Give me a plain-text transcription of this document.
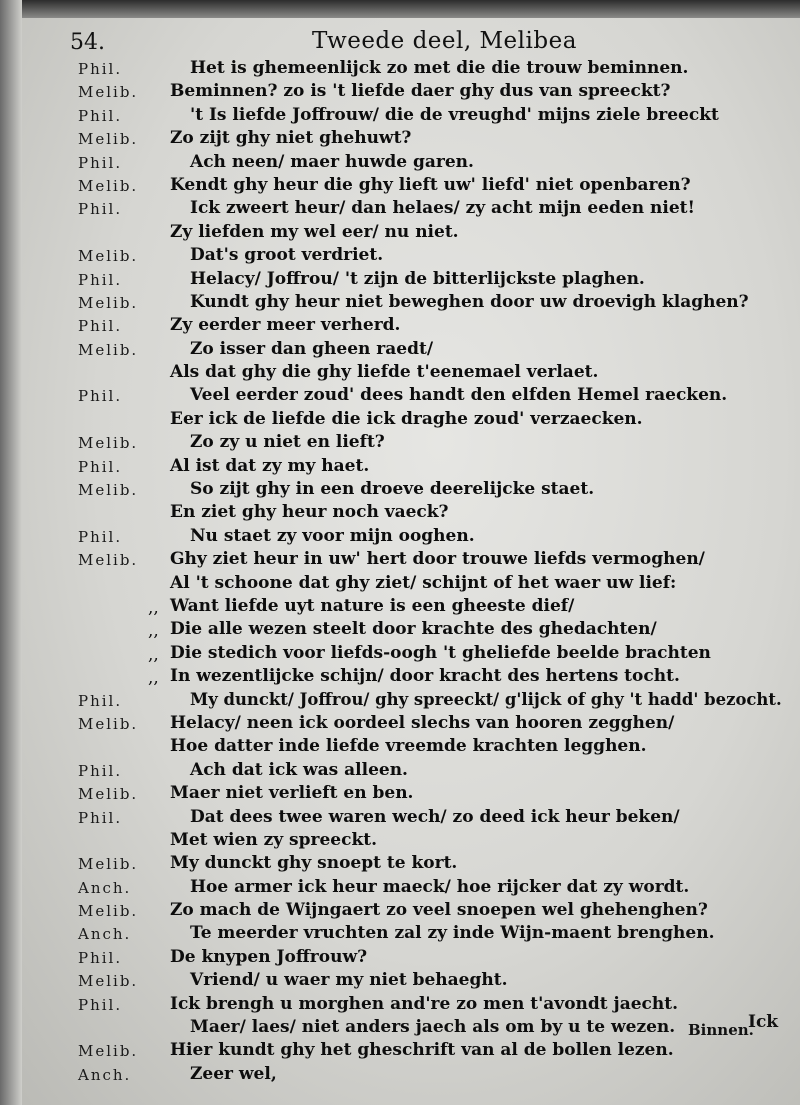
54.	Tweede deel, Melibea
Phil.	Het is ghemeenlijck zo met die die trouw beminnen.
Melib. Beminnen? zo is 't liefde daer ghy dus van spreeckt?
Phil.	't Is liefde Joffrouw/ die de vreughd' mijns ziele breeckt
Melib. Zo zijt ghy niet ghehuwt?
Phil.	Ach neen/ maer huwde garen.
Melib. Kendt ghy heur die ghy lieft uw' liefd' niet openbaren?
Phil.	Ick zweert heur/ dan helaes/ zy acht mijn eeden niet!
Zy liefden my wel eer/ nu niet.
Melib.	Dat's groot verdriet.
Phil.	Helacy/ Joffrou/ 't zijn de bitterlijckste plaghen.
Melib.	Kundt ghy heur niet beweghen door uw droevigh klaghen?
Phil.	Zy eerder meer verherd.
Melib.	Zo isser dan gheen raedt/
Als dat ghy die ghy liefde t'eenemael verlaet.
Phil.	Veel eerder zoud' dees handt den elfden Hemel raecken.
Eer ick de liefde die ick draghe zoud' verzaecken.
Melib.	Zo zy u niet en lieft?
Phil.	Al ist dat zy my haet.
Melib.	So zijt ghy in een droeve deerelijcke staet.
En ziet ghy heur noch vaeck?
Phil.	Nu staet zy voor mijn ooghen.
Melib. Ghy ziet heur in uw' hert door trouwe liefds vermoghen/
Al 't schoone dat ghy ziet/ schijnt of het waer uw lief:
,, Want liefde uyt nature is een gheeste dief/
,, Die alle wezen steelt door krachte des ghedachten/
,, Die stedich voor liefds-oogh 't gheliefde beelde brachten
,, In wezentlijcke schijn/ door kracht des hertens tocht.
Phil.	My dunckt/ Joffrou/ ghy spreeckt/ g'lijck of ghy 't hadd' bezocht.
Melib. Helacy/ neen ick oordeel slechs van hooren zegghen/
Hoe datter inde liefde vreemde krachten legghen.
Phil.	Ach dat ick was alleen.
Melib. Maer niet verlieft en ben.
Phil.	Dat dees twee waren wech/ zo deed ick heur beken/
Met wien zy spreeckt.
Melib. My dunckt ghy snoept te kort.
Anch.	Hoe armer ick heur maeck/ hoe rijcker dat zy wordt.
Melib. Zo mach de Wijngaert zo veel snoepen wel ghehenghen?
Anch.	Te meerder vruchten zal zy inde Wijn-maent brenghen.
Phil.	De knypen Joffrouw?
Melib.	Vriend/ u waer my niet behaeght.
Phil.	Ick brengh u morghen and're zo men t'avondt jaecht.
Maer/ laes/ niet anders jaech als om by u te wezen. Binnen.
Melib. Hier kundt ghy het gheschrift van al de bollen lezen.
Anch.	Zeer wel,
Ick
